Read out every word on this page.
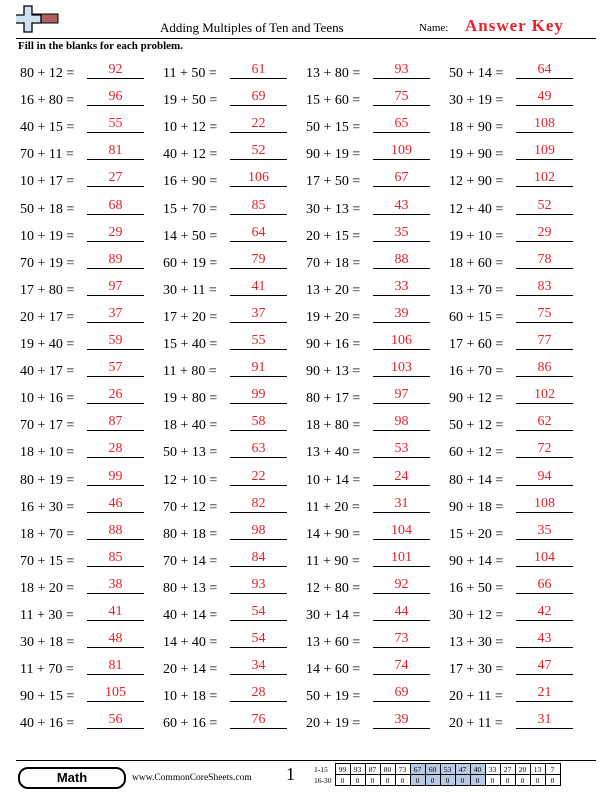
Adding Multiples of Ten and Teens	Name: Answer Key
Fill in the blanks for each problem.
80 + 12 =	92
16 + 80 =	96
40 + 15 =	55
70 + 11 =	81
10 + 17 =	27
50 + 18 =	68
10 + 19 =	29
70 + 19 =	89
17 + 80 =	97
20 + 17 =	37
19 + 40 =	59
40 + 17 =	57
10 + 16 =	26
70 + 17 =	87
18 + 10 =	28
80 + 19 =	99
16 + 30 =	46
18 + 70 =	88
70 + 15 =	85
18 + 20 =	38
11 + 30 =	41
30 + 18 =	48
11 + 70 =	81
90 + 15 =	105
40 + 16 =	56
11 + 50 =	61
19 + 50 =	69
10 + 12 =	22
40 + 12 =	52
16 + 90 =	106
15 + 70 =	85
14 + 50 =	64
60 + 19 =	79
30 + 11 =	41
17 + 20 =	37
15 + 40 =	55
11 + 80 =	91
19 + 80 =	99
18 + 40 =	58
50 + 13 =	63
12 + 10 =	22
70 + 12 =	82
80 + 18 =	98
70 + 14 =	84
80 + 13 =	93
40 + 14 =	54
14 + 40 =	54
20 + 14 =	34
10 + 18 =	28
60 + 16 =	76
13 + 80 =	93
15 + 60 =	75
50 + 15 =	65
90 + 19 =	109
17 + 50 =	67
30 + 13 =	43
20 + 15 =	35
70 + 18 =	88
13 + 20 =	33
19 + 20 =	39
90 + 16 =	106
90 + 13 =	103
80 + 17 =	97
18 + 80 =	98
13 + 40 =	53
10 + 14 =	24
11 + 20 =	31
14 + 90 =	104
11 + 90 =	101
12 + 80 =	92
30 + 14 =	44
13 + 60 =	73
14 + 60 =	74
50 + 19 =	69
20 + 19 =	39
50 + 14 =	64
30 + 19 =	49
18 + 90 =	108
19 + 90 =	109
12 + 90 =	102
12 + 40 =	52
19 + 10 =	29
18 + 60 =	78
13 + 70 =	83
60 + 15 =	75
17 + 60 =	77
16 + 70 =	86
90 + 12 =	102
50 + 12 =	62
60 + 12 =	72
80 + 14 =	94
90 + 18 =	108
15 + 20 =	35
90 + 14 =	104
16 + 50 =	66
30 + 12 =	42
13 + 30 =	43
17 + 30 =	47
20 + 11 =	21
20 + 11 =	31
Math	www.CommonCoreSheets.com 1	1-15	99	93	87	80	73	67	60	53	47	40	33	27	20	13	7
16-30	0	0	0	0	0	0	0	0	0	0	0	0	0	0	0
